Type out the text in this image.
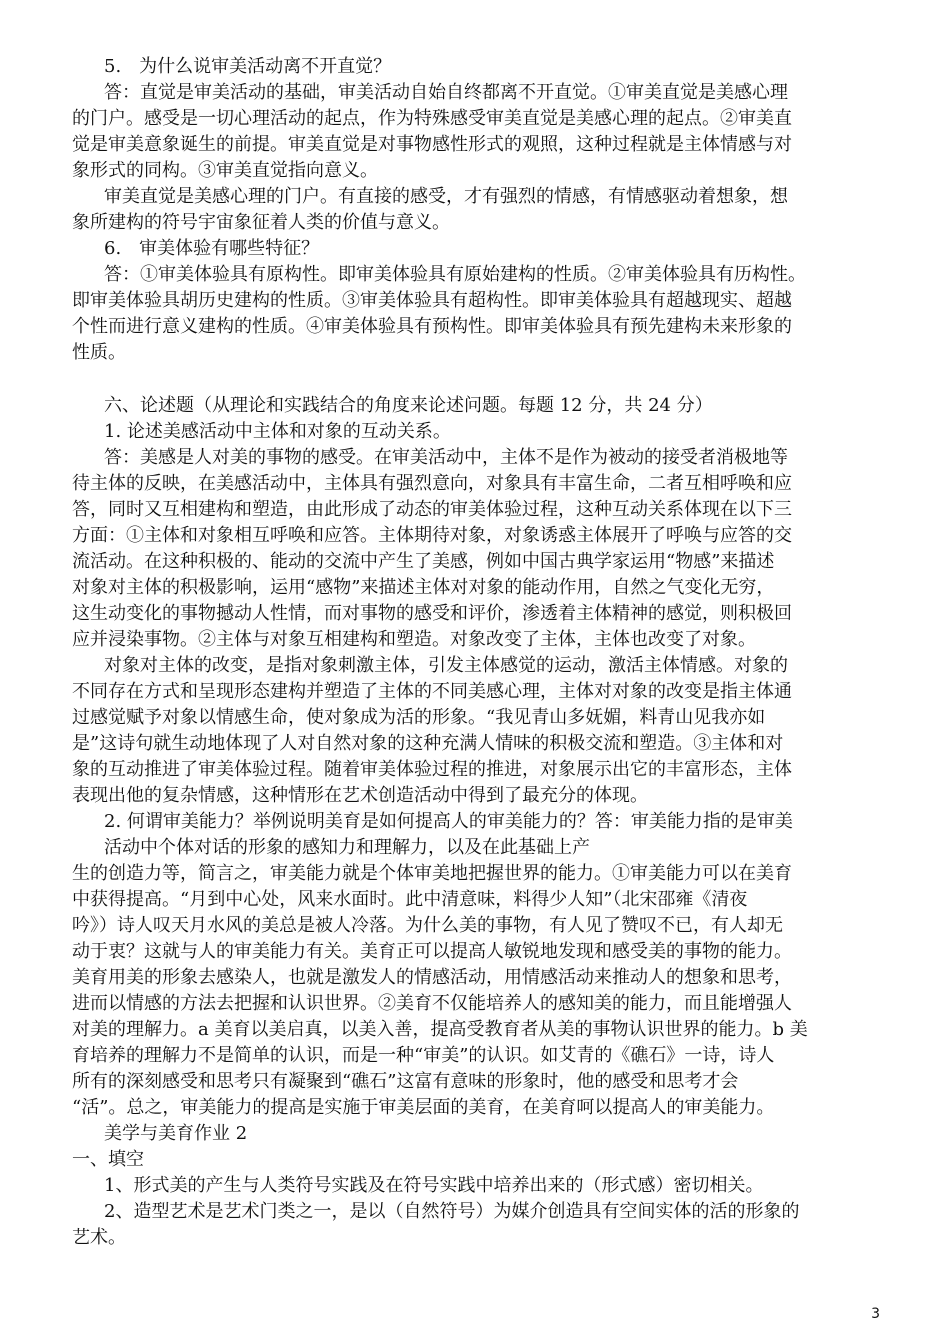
5.　为什么说审美活动离不开直觉？
答：直觉是审美活动的基础，审美活动自始自终都离不开直觉。①审美直觉是美感心理
的门户。感受是一切心理活动的起点，作为特殊感受审美直觉是美感心理的起点。②审美直
觉是审美意象诞生的前提。审美直觉是对事物感性形式的观照，这种过程就是主体情感与对
象形式的同构。③审美直觉指向意义。
审美直觉是美感心理的门户。有直接的感受，才有强烈的情感，有情感驱动着想象，想
象所建构的符号宇宙象征着人类的价值与意义。
6.　审美体验有哪些特征？
答：①审美体验具有原构性。即审美体验具有原始建构的性质。②审美体验具有历构性。
即审美体验具胡历史建构的性质。③审美体验具有超构性。即审美体验具有超越现实、超越
个性而进行意义建构的性质。④审美体验具有预构性。即审美体验具有预先建构未来形象的
性质。
六、论述题（从理论和实践结合的角度来论述问题。每题 12 分，共 24 分）
1. 论述美感活动中主体和对象的互动关系。
答：美感是人对美的事物的感受。在审美活动中，主体不是作为被动的接受者消极地等
待主体的反映，在美感活动中，主体具有强烈意向，对象具有丰富生命，二者互相呼唤和应
答，同时又互相建构和塑造，由此形成了动态的审美体验过程，这种互动关系体现在以下三
方面：①主体和对象相互呼唤和应答。主体期待对象，对象诱惑主体展开了呼唤与应答的交
流活动。在这种积极的、能动的交流中产生了美感，例如中国古典学家运用“物感”来描述
对象对主体的积极影响，运用“感物”来描述主体对对象的能动作用，自然之气变化无穷，
这生动变化的事物撼动人性情，而对事物的感受和评价，渗透着主体精神的感觉，则积极回
应并浸染事物。②主体与对象互相建构和塑造。对象改变了主体，主体也改变了对象。
对象对主体的改变，是指对象刺激主体，引发主体感觉的运动，激活主体情感。对象的
不同存在方式和呈现形态建构并塑造了主体的不同美感心理，主体对对象的改变是指主体通
过感觉赋予对象以情感生命，使对象成为活的形象。“我见青山多妩媚，料青山见我亦如
是”这诗句就生动地体现了人对自然对象的这种充满人情味的积极交流和塑造。③主体和对
象的互动推进了审美体验过程。随着审美体验过程的推进，对象展示出它的丰富形态，主体
表现出他的复杂情感，这种情形在艺术创造活动中得到了最充分的体现。
2. 何谓审美能力？举例说明美育是如何提高人的审美能力的？答：审美能力指的是审美
活动中个体对话的形象的感知力和理解力，以及在此基础上产
生的创造力等，简言之，审美能力就是个体审美地把握世界的能力。①审美能力可以在美育
中获得提高。“月到中心处，风来水面时。此中清意味，料得少人知”（北宋邵雍《清夜
吟》）诗人叹天月水风的美总是被人冷落。为什么美的事物，有人见了赞叹不已，有人却无
动于衷？这就与人的审美能力有关。美育正可以提高人敏锐地发现和感受美的事物的能力。
美育用美的形象去感染人，也就是激发人的情感活动，用情感活动来推动人的想象和思考，
进而以情感的方法去把握和认识世界。②美育不仅能培养人的感知美的能力，而且能增强人
对美的理解力。a 美育以美启真，以美入善，提高受教育者从美的事物认识世界的能力。b 美
育培养的理解力不是简单的认识，而是一种“审美”的认识。如艾青的《礁石》一诗，诗人
所有的深刻感受和思考只有凝聚到“礁石”这富有意味的形象时，他的感受和思考才会
“活”。总之，审美能力的提高是实施于审美层面的美育，在美育呵以提高人的审美能力。
美学与美育作业 2
一、填空
1、形式美的产生与人类符号实践及在符号实践中培养出来的（形式感）密切相关。
2、造型艺术是艺术门类之一，是以（自然符号）为媒介创造具有空间实体的活的形象的
艺术。
3
